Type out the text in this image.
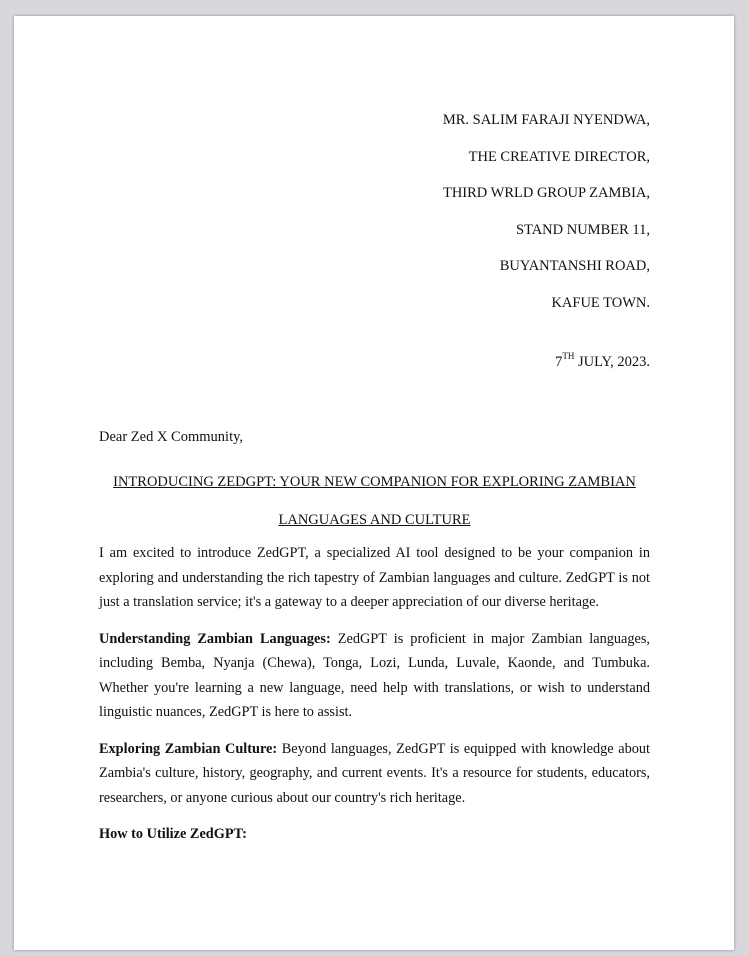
MR. SALIM FARAJI NYENDWA,
THE CREATIVE DIRECTOR,
THIRD WRLD GROUP ZAMBIA,
STAND NUMBER 11,
BUYANTANSHI ROAD,
KAFUE TOWN.
7TH JULY, 2023.
Dear Zed X Community,
INTRODUCING ZEDGPT: YOUR NEW COMPANION FOR EXPLORING ZAMBIAN
LANGUAGES AND CULTURE

I am excited to introduce ZedGPT, a specialized AI tool designed to be your companion in exploring and understanding the rich tapestry of Zambian languages and culture. ZedGPT is not just a translation service; it's a gateway to a deeper appreciation of our diverse heritage.

Understanding Zambian Languages: ZedGPT is proficient in major Zambian languages, including Bemba, Nyanja (Chewa), Tonga, Lozi, Lunda, Luvale, Kaonde, and Tumbuka. Whether you're learning a new language, need help with translations, or wish to understand linguistic nuances, ZedGPT is here to assist.

Exploring Zambian Culture: Beyond languages, ZedGPT is equipped with knowledge about Zambia's culture, history, geography, and current events. It's a resource for students, educators, researchers, or anyone curious about our country's rich heritage.

How to Utilize ZedGPT:
